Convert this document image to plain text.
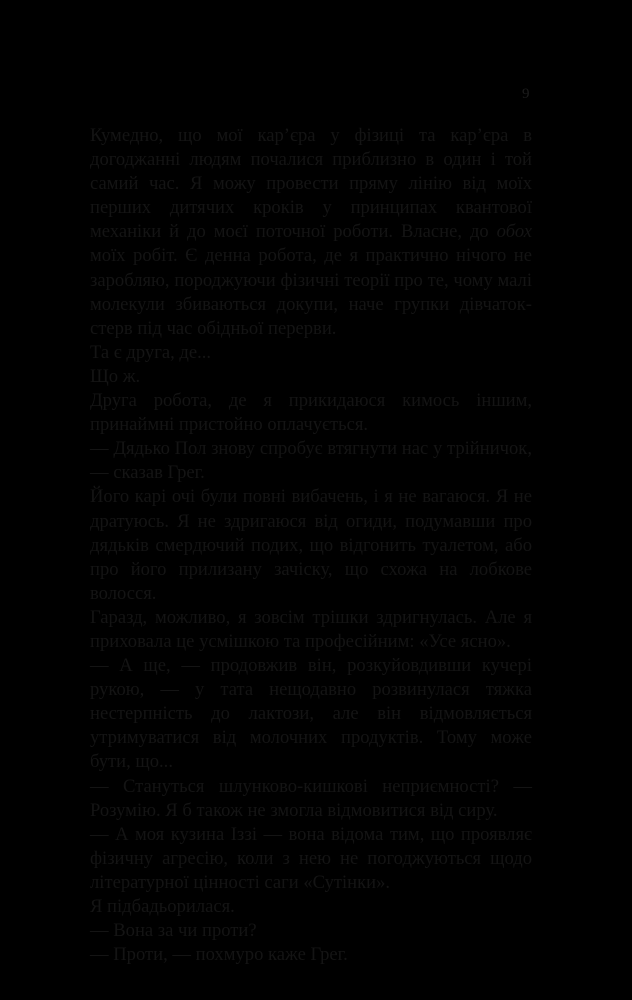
9

Кумедно, що мої кар’єра у фізиці та кар’єра в догоджанні людям почалися приблизно в один і той самий час. Я можу провести пряму лінію від моїх перших дитячих кроків у принципах квантової механіки й до моєї поточної роботи. Власне, до обох моїх робіт. Є денна робота, де я практично нічого не заробляю, породжуючи фізичні теорії про те, чому малі молекули збиваються докупи, наче групки дівчаток-стерв під час обідньої перерви.

Та є друга, де...

Що ж.

Друга робота, де я прикидаюся кимось іншим, принаймні пристойно оплачується.

— Дядько Пол знову спробує втягнути нас у трійничок, — сказав Грег.

Його карі очі були повні вибачень, і я не вагаюся. Я не дратуюсь. Я не здригаюся від огиди, подумавши про дядьків смердючий подих, що відгонить туалетом, або про його прилизану зачіску, що схожа на лобкове волосся.

Гаразд, можливо, я зовсім трішки здригнулась. Але я приховала це усмішкою та професійним: «Усе ясно».

— А ще, — продовжив він, розкуйовдивши кучері рукою, — у тата нещодавно розвинулася тяжка нестерпність до лактози, але він відмовляється утримуватися від молочних продуктів. Тому може бути, що...

— Станутьcя шлунково-кишкові неприємності? — Розумію. Я б також не змогла відмовитися від сиру.

— А моя кузина Іззі — вона відома тим, що проявляє фізичну агресію, коли з нею не погоджуються щодо літературної цінності саги «Сутінки».

Я підбадьорилася.

— Вона за чи проти?

— Проти, — похмуро каже Грег.
